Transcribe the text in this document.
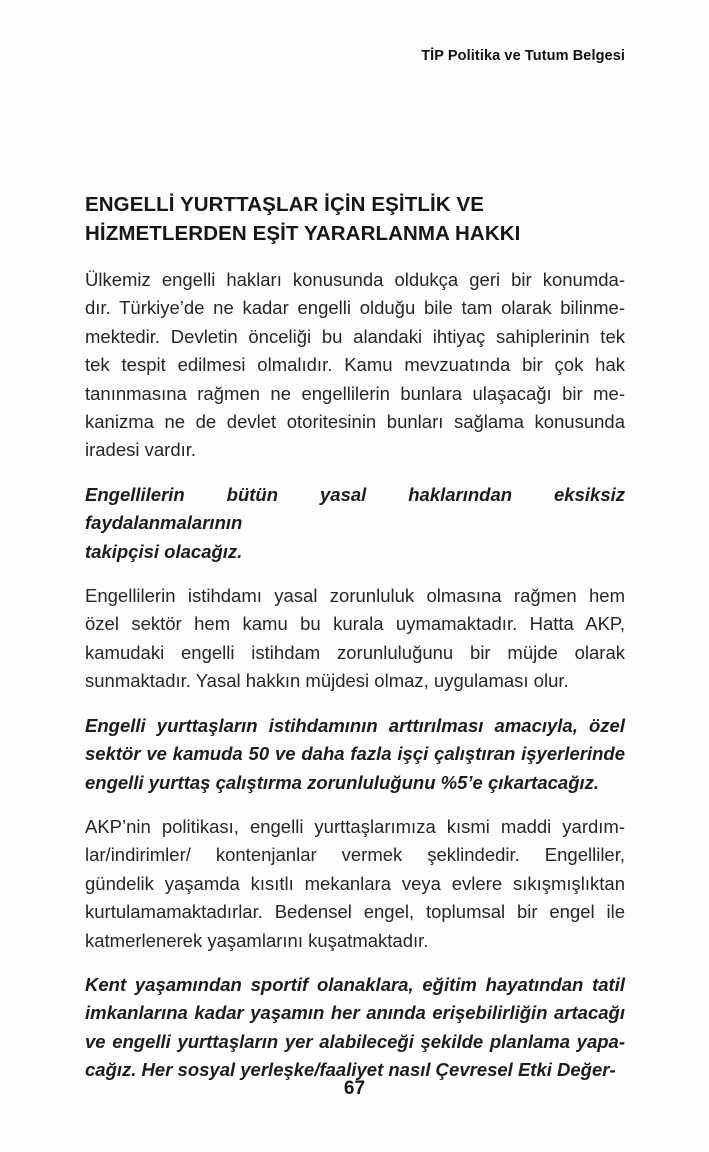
TİP Politika ve Tutum Belgesi
ENGELLİ YURTTAŞLAR İÇİN EŞİTLİK VE
HİZMETLERDEN EŞİT YARARLANMA HAKKI
Ülkemiz engelli hakları konusunda oldukça geri bir konumda-
dır. Türkiye’de ne kadar engelli olduğu bile tam olarak bilinme-
mektedir. Devletin önceliği bu alandaki ihtiyaç sahiplerinin tek
tek tespit edilmesi olmalıdır. Kamu mevzuatında bir çok hak
tanınmasına rağmen ne engellilerin bunlara ulaşacağı bir me-
kanizma ne de devlet otoritesinin bunları sağlama konusunda
iradesi vardır.
Engellilerin bütün yasal haklarından eksiksiz faydalanmalarının
takipçisi olacağız.
Engellilerin istihdamı yasal zorunluluk olmasına rağmen hem
özel sektör hem kamu bu kurala uymamaktadır. Hatta AKP,
kamudaki engelli istihdam zorunluluğunu bir müjde olarak
sunmaktadır. Yasal hakkın müjdesi olmaz, uygulaması olur.
Engelli yurttaşların istihdamının arttırılması amacıyla, özel
sektör ve kamuda 50 ve daha fazla işçi çalıştıran işyerlerinde
engelli yurttaş çalıştırma zorunluluğunu %5’e çıkartacağız.
AKP’nin politikası, engelli yurttaşlarımıza kısmi maddi yardım-
lar/indirimler/ kontenjanlar vermek şeklindedir. Engelliler,
gündelik yaşamda kısıtlı mekanlara veya evlere sıkışmışlıktan
kurtulamamaktadırlar. Bedensel engel, toplumsal bir engel ile
katmerlenerek yaşamlarını kuşatmaktadır.
Kent yaşamından sportif olanaklara, eğitim hayatından tatil
imkanlarına kadar yaşamın her anında erişebilirliğin artacağı
ve engelli yurttaşların yer alabileceği şekilde planlama yapa-
cağız. Her sosyal yerleşke/faaliyet nasıl Çevresel Etki Değer-
67
